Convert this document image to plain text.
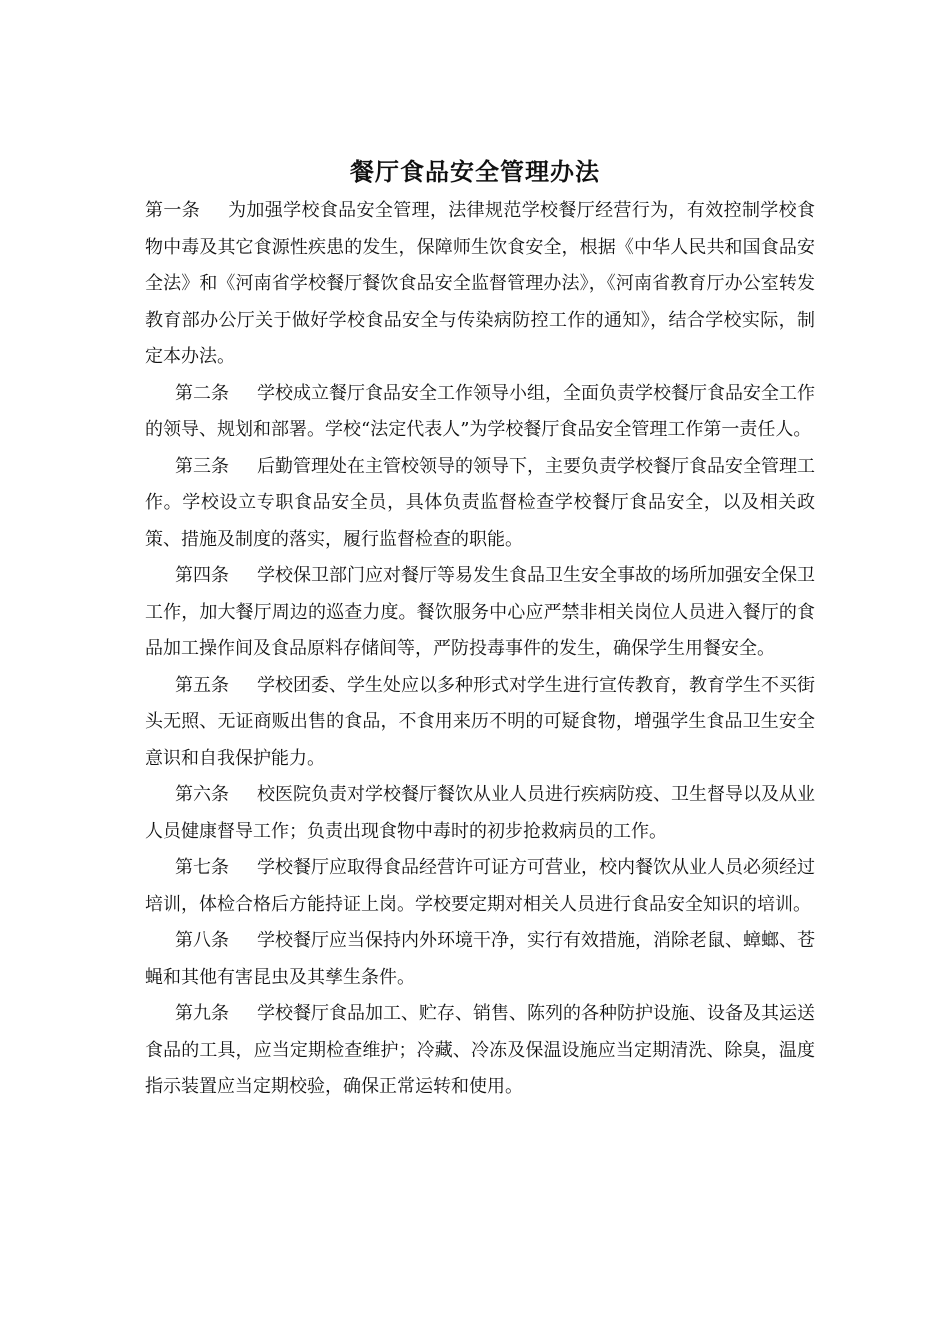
餐厅食品安全管理办法

第一条 为加强学校食品安全管理，法律规范学校餐厅经营行为，有效控制学校食物中毒及其它食源性疾患的发生，保障师生饮食安全，根据《中华人民共和国食品安全法》和《河南省学校餐厅餐饮食品安全监督管理办法》，《河南省教育厅办公室转发教育部办公厅关于做好学校食品安全与传染病防控工作的通知》，结合学校实际，制定本办法。

第二条 学校成立餐厅食品安全工作领导小组，全面负责学校餐厅食品安全工作的领导、规划和部署。学校“法定代表人”为学校餐厅食品安全管理工作第一责任人。

第三条 后勤管理处在主管校领导的领导下，主要负责学校餐厅食品安全管理工作。学校设立专职食品安全员，具体负责监督检查学校餐厅食品安全，以及相关政策、措施及制度的落实，履行监督检查的职能。

第四条 学校保卫部门应对餐厅等易发生食品卫生安全事故的场所加强安全保卫工作，加大餐厅周边的巡查力度。餐饮服务中心应严禁非相关岗位人员进入餐厅的食品加工操作间及食品原料存储间等，严防投毒事件的发生，确保学生用餐安全。

第五条 学校团委、学生处应以多种形式对学生进行宣传教育，教育学生不买街头无照、无证商贩出售的食品，不食用来历不明的可疑食物，增强学生食品卫生安全意识和自我保护能力。

第六条 校医院负责对学校餐厅餐饮从业人员进行疾病防疫、卫生督导以及从业人员健康督导工作；负责出现食物中毒时的初步抢救病员的工作。

第七条 学校餐厅应取得食品经营许可证方可营业，校内餐饮从业人员必须经过培训，体检合格后方能持证上岗。学校要定期对相关人员进行食品安全知识的培训。

第八条 学校餐厅应当保持内外环境干净，实行有效措施，消除老鼠、蟑螂、苍蝇和其他有害昆虫及其孳生条件。

第九条 学校餐厅食品加工、贮存、销售、陈列的各种防护设施、设备及其运送食品的工具，应当定期检查维护；冷藏、冷冻及保温设施应当定期清洗、除臭，温度指示装置应当定期校验，确保正常运转和使用。
